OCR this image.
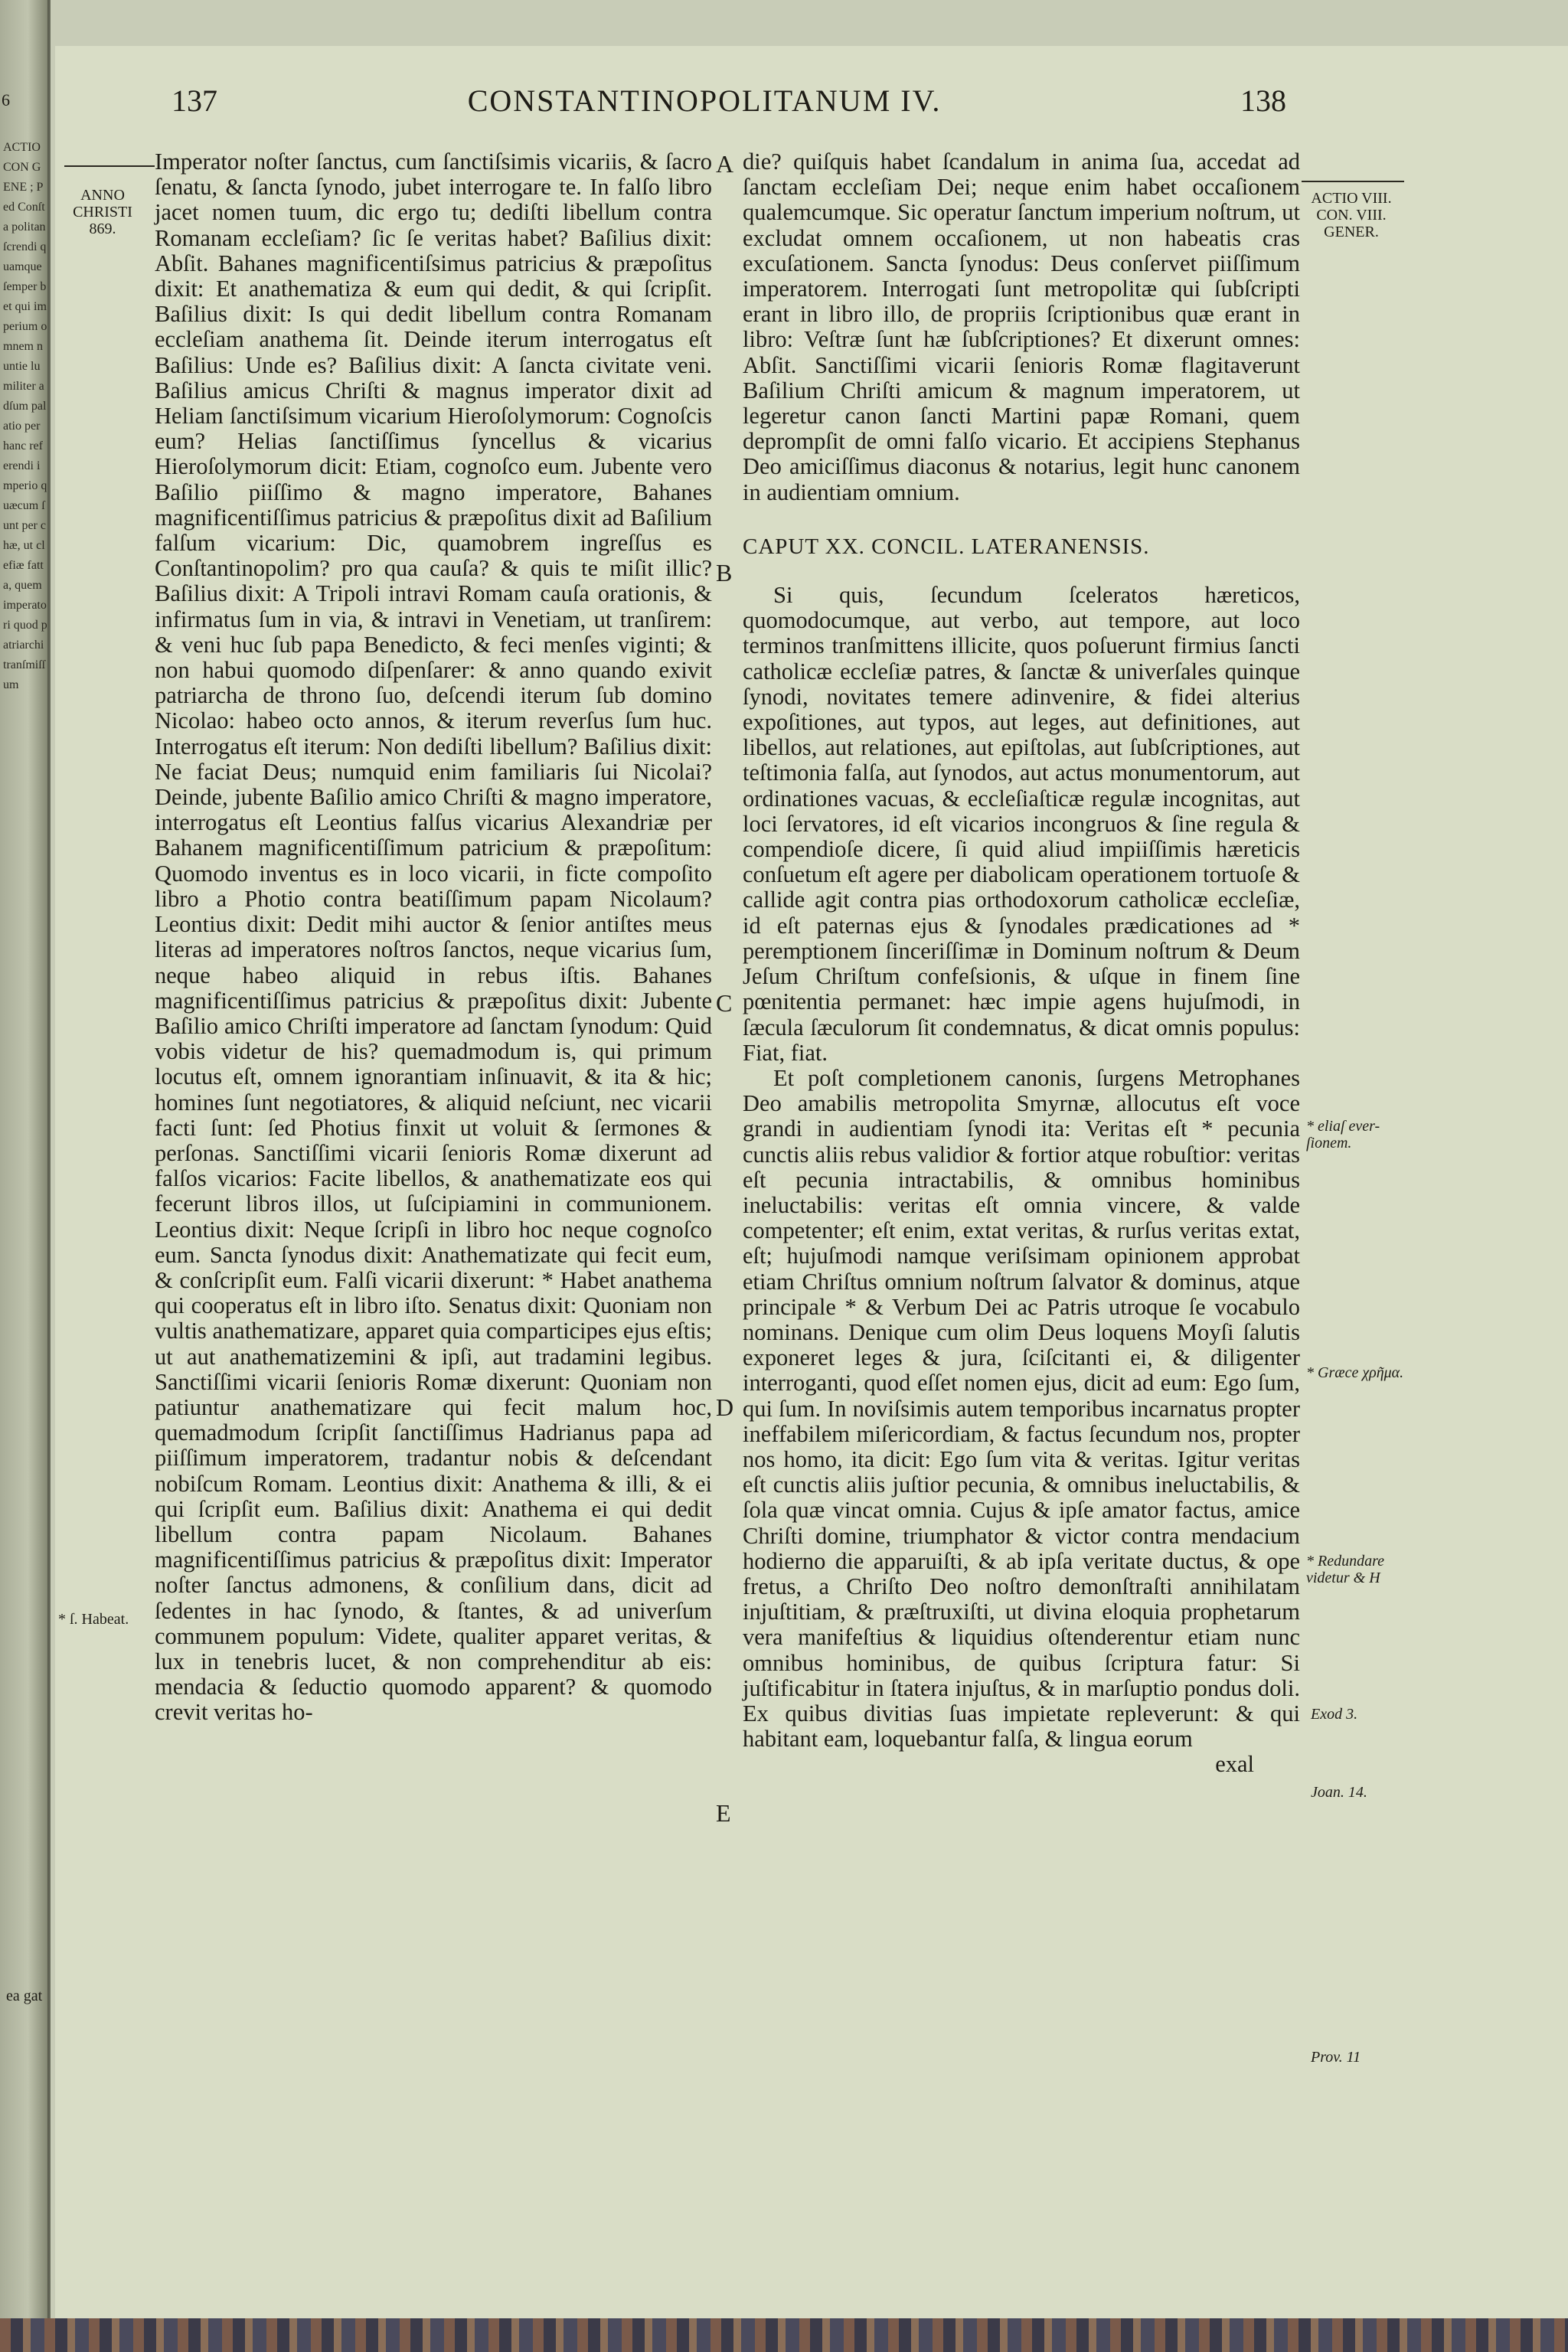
6
ACTIO CON GENE ; Ped Conſta politan ſcrendi quamque ſemper bet qui imperium omnem nuntie lumiliter adſum palatio per hanc referendi imperio quæcum ſunt per chæ, ut clefiæ fatta, quem imperatori quod patriarchi tranſmiſſum
137	CONSTANTINOPOLITANUM IV.	138
ANNO
CHRISTI
869.
ACTIO VIII.
CON. VIII.
GENER.

Imperator noſter ſanctus, cum ſanctiſsimis vicariis, & ſacro ſenatu, & ſancta ſynodo, jubet interrogare te. In falſo libro jacet nomen tuum, dic ergo tu; dediſti libellum contra Romanam eccleſiam? ſic ſe veritas habet? Baſilius dixit: Abſit. Bahanes magnificentiſsimus patricius & præpoſitus dixit: Et anathematiza & eum qui dedit, & qui ſcripſit. Baſilius dixit: Is qui dedit libellum contra Romanam eccleſiam anathema ſit. Deinde iterum interrogatus eſt Baſilius: Unde es? Baſilius dixit: A ſancta civitate veni. Baſilius amicus Chriſti & magnus imperator dixit ad Heliam ſanctiſsimum vicarium Hieroſolymorum: Cognoſcis eum? Helias ſanctiſſimus ſyncellus & vicarius Hieroſolymorum dicit: Etiam, cognoſco eum. Jubente vero Baſilio piiſſimo & magno imperatore, Bahanes magnificentiſſimus patricius & præpoſitus dixit ad Baſilium falſum vicarium: Dic, quamobrem ingreſſus es Conſtantinopolim? pro qua cauſa? & quis te miſit illic? Baſilius dixit: A Tripoli intravi Romam cauſa orationis, & infirmatus ſum in via, & intravi in Venetiam, ut tranſirem: & veni huc ſub papa Benedicto, & feci menſes viginti; & non habui quomodo diſpenſarer: & anno quando exivit patriarcha de throno ſuo, deſcendi iterum ſub domino Nicolao: habeo octo annos, & iterum reverſus ſum huc. Interrogatus eſt iterum: Non dediſti libellum? Baſilius dixit: Ne faciat Deus; numquid enim familiaris ſui Nicolai? Deinde, jubente Baſilio amico Chriſti & magno imperatore, interrogatus eſt Leontius falſus vicarius Alexandriæ per Bahanem magnificentiſſimum patricium & præpoſitum: Quomodo inventus es in loco vicarii, in ficte compoſito libro a Photio contra beatiſſimum papam Nicolaum? Leontius dixit: Dedit mihi auctor & ſenior antiſtes meus literas ad imperatores noſtros ſanctos, neque vicarius ſum, neque habeo aliquid in rebus iſtis. Bahanes magnificentiſſimus patricius & præpoſitus dixit: Jubente Baſilio amico Chriſti imperatore ad ſanctam ſynodum: Quid vobis videtur de his? quemadmodum is, qui primum locutus eſt, omnem ignorantiam inſinuavit, & ita & hic; homines ſunt negotiatores, & aliquid neſciunt, nec vicarii facti ſunt: ſed Photius finxit ut voluit & ſermones & perſonas. Sanctiſſimi vicarii ſenioris Romæ dixerunt ad falſos vicarios: Facite libellos, & anathematizate eos qui fecerunt libros illos, ut ſuſcipiamini in communionem. Leontius dixit: Neque ſcripſi in libro hoc neque cognoſco eum. Sancta ſynodus dixit: Anathematizate qui fecit eum, & conſcripſit eum. Falſi vicarii dixerunt: * Habet anathema qui cooperatus eſt in libro iſto. Senatus dixit: Quoniam non vultis anathematizare, apparet quia comparticipes ejus eſtis; ut aut anathematizemini & ipſi, aut tradamini legibus. Sanctiſſimi vicarii ſenioris Romæ dixerunt: Quoniam non patiuntur anathematizare qui fecit malum hoc, quemadmodum ſcripſit ſanctiſſimus Hadrianus papa ad piiſſimum imperatorem, tradantur nobis & deſcendant nobiſcum Romam. Leontius dixit: Anathema & illi, & ei qui ſcripſit eum. Baſilius dixit: Anathema ei qui dedit libellum contra papam Nicolaum. Bahanes magnificentiſſimus patricius & præpoſitus dixit: Imperator noſter ſanctus admonens, & conſilium dans, dicit ad ſedentes in hac ſynodo, & ſtantes, & ad univerſum communem populum: Videte, qualiter apparet veritas, & lux in tenebris lucet, & non comprehenditur ab eis: mendacia & ſeductio quomodo apparent? & quomodo crevit veritas ho-

die? quiſquis habet ſcandalum in anima ſua, accedat ad ſanctam eccleſiam Dei; neque enim habet occaſionem qualemcumque. Sic operatur ſanctum imperium noſtrum, ut excludat omnem occaſionem, ut non habeatis cras excuſationem. Sancta ſynodus: Deus conſervet piiſſimum imperatorem. Interrogati ſunt metropolitæ qui ſubſcripti erant in libro illo, de propriis ſcriptionibus quæ erant in libro: Veſtræ ſunt hæ ſubſcriptiones? Et dixerunt omnes: Abſit. Sanctiſſimi vicarii ſenioris Romæ flagitaverunt Baſilium Chriſti amicum & magnum imperatorem, ut legeretur canon ſancti Martini papæ Romani, quem deprompſit de omni falſo vicario. Et accipiens Stephanus Deo amiciſſimus diaconus & notarius, legit hunc canonem in audientiam omnium.

CAPUT XX. CONCIL. LATERANENSIS.

Si quis, ſecundum ſceleratos hæreticos, quomodocumque, aut verbo, aut tempore, aut loco terminos tranſmittens illicite, quos poſuerunt firmius ſancti catholicæ eccleſiæ patres, & ſanctæ & univerſales quinque ſynodi, novitates temere adinvenire, & fidei alterius expoſitiones, aut typos, aut leges, aut definitiones, aut libellos, aut relationes, aut epiſtolas, aut ſubſcriptiones, aut teſtimonia falſa, aut ſynodos, aut actus monumentorum, aut ordinationes vacuas, & eccleſiaſticæ regulæ incognitas, aut loci ſervatores, id eſt vicarios incongruos & ſine regula & compendioſe dicere, ſi quid aliud impiiſſimis hæreticis conſuetum eſt agere per diabolicam operationem tortuoſe & callide agit contra pias orthodoxorum catholicæ eccleſiæ, id eſt paternas ejus & ſynodales prædicationes ad * peremptionem ſinceriſſimæ in Dominum noſtrum & Deum Jeſum Chriſtum confeſsionis, & uſque in finem ſine pœnitentia permanet: hæc impie agens hujuſmodi, in ſæcula ſæculorum ſit condemnatus, & dicat omnis populus: Fiat, fiat.

Et poſt completionem canonis, ſurgens Metrophanes Deo amabilis metropolita Smyrnæ, allocutus eſt voce grandi in audientiam ſynodi ita: Veritas eſt * pecunia cunctis aliis rebus validior & fortior atque robuſtior: veritas eſt pecunia intractabilis, & omnibus hominibus ineluctabilis: veritas eſt omnia vincere, & valde competenter; eſt enim, extat veritas, & rurſus veritas extat, eſt; hujuſmodi namque veriſsimam opinionem approbat etiam Chriſtus omnium noſtrum ſalvator & dominus, atque principale * & Verbum Dei ac Patris utroque ſe vocabulo nominans. Denique cum olim Deus loquens Moyſi ſalutis exponeret leges & jura, ſciſcitanti ei, & diligenter interroganti, quod eſſet nomen ejus, dicit ad eum: Ego ſum, qui ſum. In noviſsimis autem temporibus incarnatus propter ineffabilem miſericordiam, & factus ſecundum nos, propter nos homo, ita dicit: Ego ſum vita & veritas. Igitur veritas eſt cunctis aliis juſtior pecunia, & omnibus ineluctabilis, & ſola quæ vincat omnia. Cujus & ipſe amator factus, amice Chriſti domine, triumphator & victor contra mendacium hodierno die apparuiſti, & ab ipſa veritate ductus, & ope fretus, a Chriſto Deo noſtro demonſtraſti annihilatam injuſtitiam, & præſtruxiſti, ut divina eloquia prophetarum vera manifeſtius & liquidius oſtenderentur etiam nunc omnibus hominibus, de quibus ſcriptura fatur: Si juſtificabitur in ſtatera injuſtus, & in marſuptio pondus doli. Ex quibus divitias ſuas impietate repleverunt: & qui habitant eam, loquebantur falſa, & lingua eorum

exal

A
B
C
D
E
* ſ. Habeat.
ea gat
* eliaſ ever- ſionem.
* Græce χρῆμα.
* Redundare videtur & H
Exod 3.
Joan. 14.
Prov. 11
